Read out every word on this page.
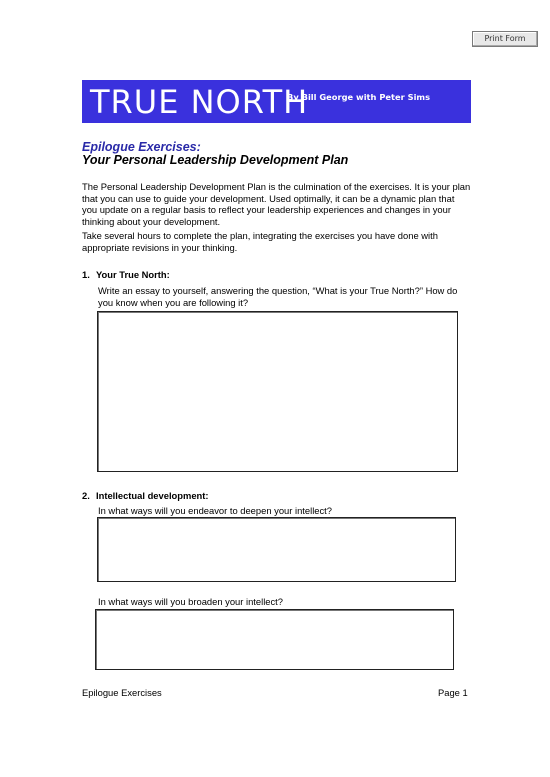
Print Form
TRUE NORTH
By Bill George with Peter Sims
Epilogue Exercises:
Your Personal Leadership Development Plan
The Personal Leadership Development Plan is the culmination of the exercises. It is your plan that you can use to guide your development. Used optimally, it can be a dynamic plan that you update on a regular basis to reflect your leadership experiences and changes in your thinking about your development.
Take several hours to complete the plan, integrating the exercises you have done with appropriate revisions in your thinking.
1. Your True North:
Write an essay to yourself, answering the question, “What is your True North?” How do you know when you are following it?
2. Intellectual development:
In what ways will you endeavor to deepen your intellect?
In what ways will you broaden your intellect?
Epilogue Exercises	Page 1
